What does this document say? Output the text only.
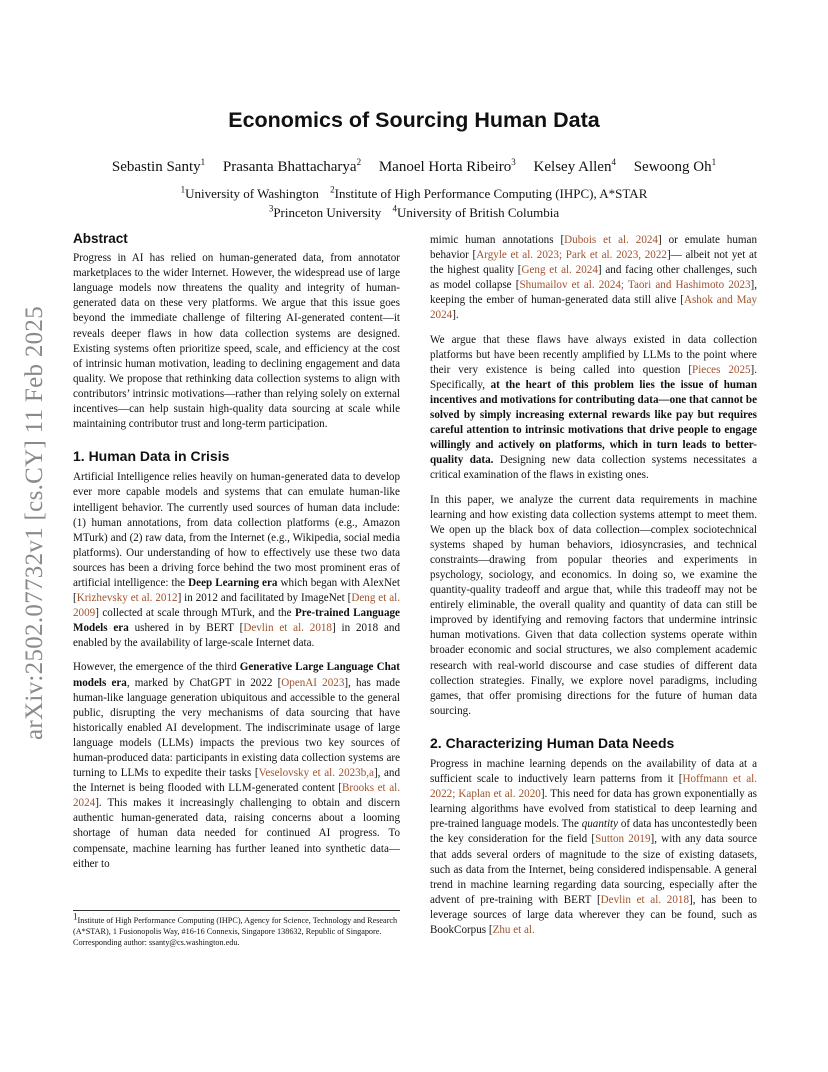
arXiv:2502.07732v1 [cs.CY] 11 Feb 2025
Economics of Sourcing Human Data
Sebastin Santy$^1$ Prasanta Bhattacharya$^2$ Manoel Horta Ribeiro$^3$ Kelsey Allen$^4$ Sewoong Oh$^1$
$^1$University of Washington $^2$Institute of High Performance Computing (IHPC), A*STAR
$^3$Princeton University $^4$University of British Columbia
Abstract

Progress in AI has relied on human-generated data, from annotator marketplaces to the wider Internet. However, the widespread use of large language models now threatens the quality and integrity of human-generated data on these very platforms. We argue that this issue goes beyond the immediate challenge of filtering AI-generated content—it reveals deeper flaws in how data collection systems are designed. Existing systems often prioritize speed, scale, and efficiency at the cost of intrinsic human motivation, leading to declining engagement and data quality. We propose that rethinking data collection systems to align with contributors’ intrinsic motivations—rather than relying solely on external incentives—can help sustain high-quality data sourcing at scale while maintaining contributor trust and long-term participation.

1. Human Data in Crisis

Artificial Intelligence relies heavily on human-generated data to develop ever more capable models and systems that can emulate human-like intelligent behavior. The currently used sources of human data include: (1) human annotations, from data collection platforms (e.g., Amazon MTurk) and (2) raw data, from the Internet (e.g., Wikipedia, social media platforms). Our understanding of how to effectively use these two data sources has been a driving force behind the two most prominent eras of artificial intelligence: the Deep Learning era which began with AlexNet [Krizhevsky et al. 2012] in 2012 and facilitated by ImageNet [Deng et al. 2009] collected at scale through MTurk, and the Pre-trained Language Models era ushered in by BERT [Devlin et al. 2018] in 2018 and enabled by the availability of large-scale Internet data.

However, the emergence of the third Generative Large Language Chat models era, marked by ChatGPT in 2022 [OpenAI 2023], has made human-like language generation ubiquitous and accessible to the general public, disrupting the very mechanisms of data sourcing that have historically enabled AI development. The indiscriminate usage of large language models (LLMs) impacts the previous two key sources of human-produced data: participants in existing data collection systems are turning to LLMs to expedite their tasks [Veselovsky et al. 2023b,a], and the Internet is being flooded with LLM-generated content [Brooks et al. 2024]. This makes it increasingly challenging to obtain and discern authentic human-generated data, raising concerns about a looming shortage of human data needed for continued AI progress. To compensate, machine learning has further leaned into synthetic data—either to

$^1$Institute of High Performance Computing (IHPC), Agency for Science, Technology and Research (A*STAR), 1 Fusionopolis Way, #16-16 Connexis, Singapore 138632, Republic of Singapore.
Corresponding author: ssanty@cs.washington.edu.

mimic human annotations [Dubois et al. 2024] or emulate human behavior [Argyle et al. 2023; Park et al. 2023, 2022]— albeit not yet at the highest quality [Geng et al. 2024] and facing other challenges, such as model collapse [Shumailov et al. 2024; Taori and Hashimoto 2023], keeping the ember of human-generated data still alive [Ashok and May 2024].

We argue that these flaws have always existed in data collection platforms but have been recently amplified by LLMs to the point where their very existence is being called into question [Pieces 2025]. Specifically, at the heart of this problem lies the issue of human incentives and motivations for contributing data—one that cannot be solved by simply increasing external rewards like pay but requires careful attention to intrinsic motivations that drive people to engage willingly and actively on platforms, which in turn leads to better-quality data. Designing new data collection systems necessitates a critical examination of the flaws in existing ones.

In this paper, we analyze the current data requirements in machine learning and how existing data collection systems attempt to meet them. We open up the black box of data collection—complex sociotechnical systems shaped by human behaviors, idiosyncrasies, and technical constraints—drawing from popular theories and experiments in psychology, sociology, and economics. In doing so, we examine the quantity-quality tradeoff and argue that, while this tradeoff may not be entirely eliminable, the overall quality and quantity of data can still be improved by identifying and removing factors that undermine intrinsic human motivations. Given that data collection systems operate within broader economic and social structures, we also complement academic research with real-world discourse and case studies of different data collection strategies. Finally, we explore novel paradigms, including games, that offer promising directions for the future of human data sourcing.

2. Characterizing Human Data Needs

Progress in machine learning depends on the availability of data at a sufficient scale to inductively learn patterns from it [Hoffmann et al. 2022; Kaplan et al. 2020]. This need for data has grown exponentially as learning algorithms have evolved from statistical to deep learning and pre-trained language models. The quantity of data has uncontestedly been the key consideration for the field [Sutton 2019], with any data source that adds several orders of magnitude to the size of existing datasets, such as data from the Internet, being considered indispensable. A general trend in machine learning regarding data sourcing, especially after the advent of pre-training with BERT [Devlin et al. 2018], has been to leverage sources of large data wherever they can be found, such as BookCorpus [Zhu et al.
